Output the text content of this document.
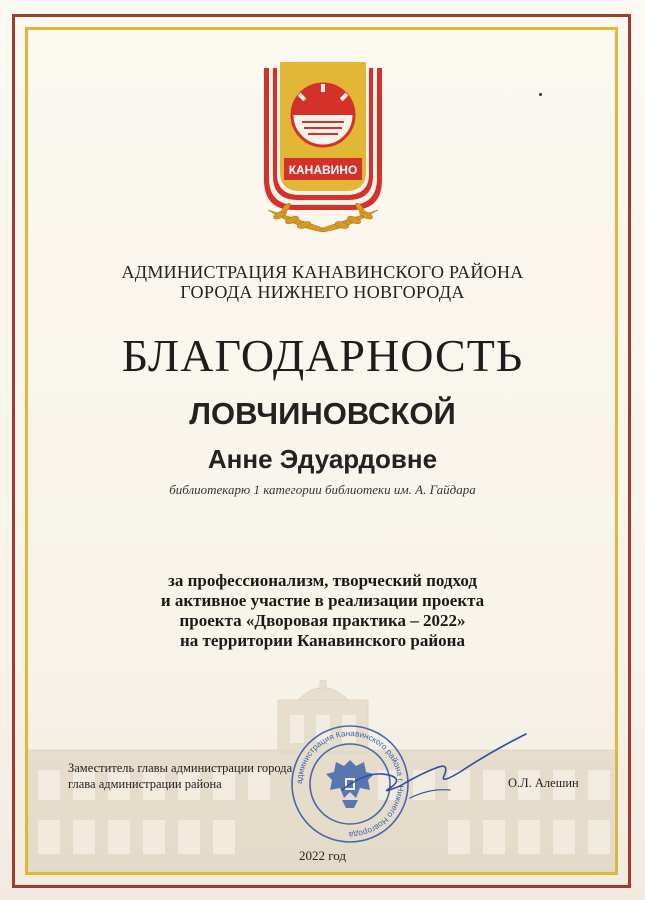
КАНАВИНО
АДМИНИСТРАЦИЯ КАНАВИНСКОГО РАЙОНА
ГОРОДА НИЖНЕГО НОВГОРОДА
БЛАГОДАРНОСТЬ
ЛОВЧИНОВСКОЙ
Анне Эдуардовне
библиотекарю 1 категории библиотеки им. А. Гайдара
за профессионализм, творческий подход
и активное участие в реализации проекта
проекта «Дворовая практика – 2022»
на территории Канавинского района
Заместитель главы администрации города
глава администрации района	О.Л. Алешин
администрация Канавинского района г. Нижнего Новгорода
2022 год
